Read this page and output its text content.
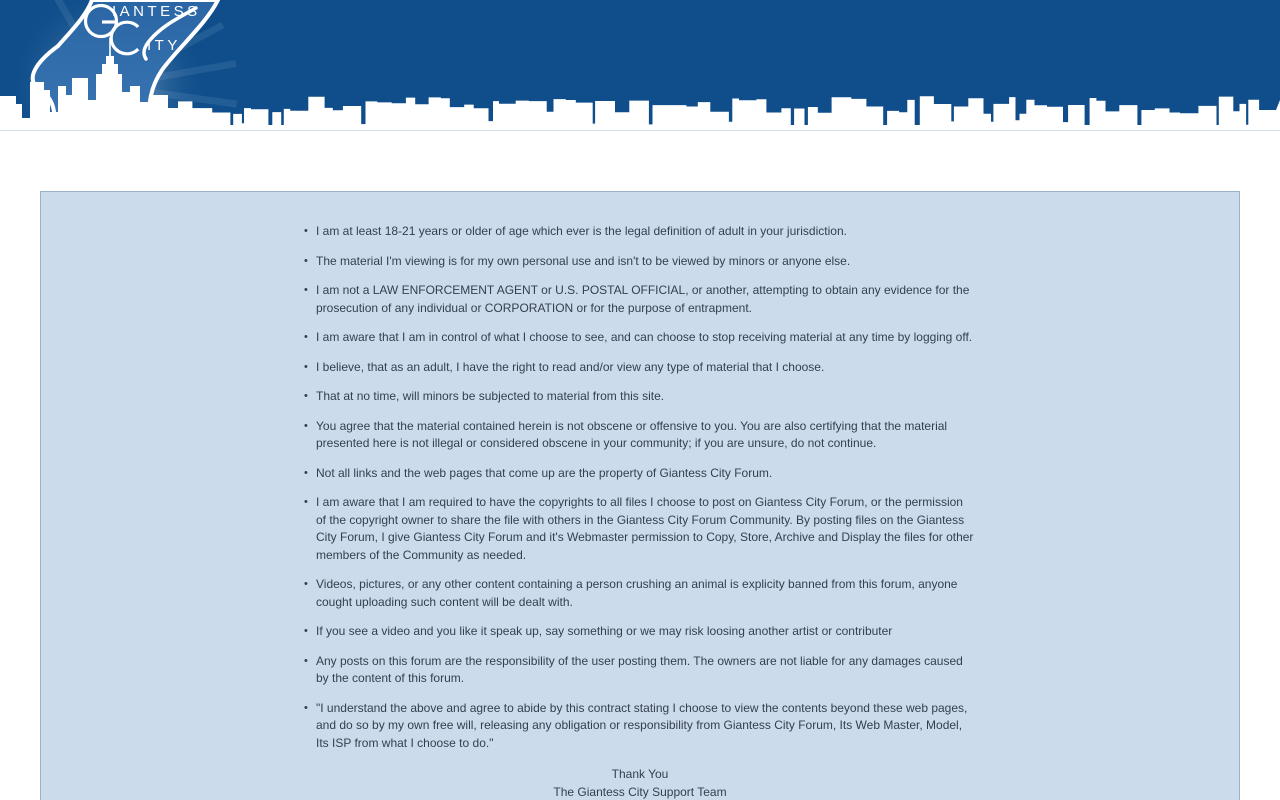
IANTESS
ITY
• I am at least 18-21 years or older of age which ever is the legal definition of adult in your jurisdiction.
• The material I'm viewing is for my own personal use and isn't to be viewed by minors or anyone else.
• I am not a LAW ENFORCEMENT AGENT or U.S. POSTAL OFFICIAL, or another, attempting to obtain any evidence for the prosecution of any individual or CORPORATION or for the purpose of entrapment.
• I am aware that I am in control of what I choose to see, and can choose to stop receiving material at any time by logging off.
• I believe, that as an adult, I have the right to read and/or view any type of material that I choose.
• That at no time, will minors be subjected to material from this site.
• You agree that the material contained herein is not obscene or offensive to you. You are also certifying that the material presented here is not illegal or considered obscene in your community; if you are unsure, do not continue.
• Not all links and the web pages that come up are the property of Giantess City Forum.
• I am aware that I am required to have the copyrights to all files I choose to post on Giantess City Forum, or the permission of the copyright owner to share the file with others in the Giantess City Forum Community. By posting files on the Giantess City Forum, I give Giantess City Forum and it's Webmaster permission to Copy, Store, Archive and Display the files for other members of the Community as needed.
• Videos, pictures, or any other content containing a person crushing an animal is explicity banned from this forum, anyone cought uploading such content will be dealt with.
• If you see a video and you like it speak up, say something or we may risk loosing another artist or contributer
• Any posts on this forum are the responsibility of the user posting them. The owners are not liable for any damages caused by the content of this forum.
• "I understand the above and agree to abide by this contract stating I choose to view the contents beyond these web pages, and do so by my own free will, releasing any obligation or responsibility from Giantess City Forum, Its Web Master, Model, Its ISP from what I choose to do."
Thank You
The Giantess City Support Team
